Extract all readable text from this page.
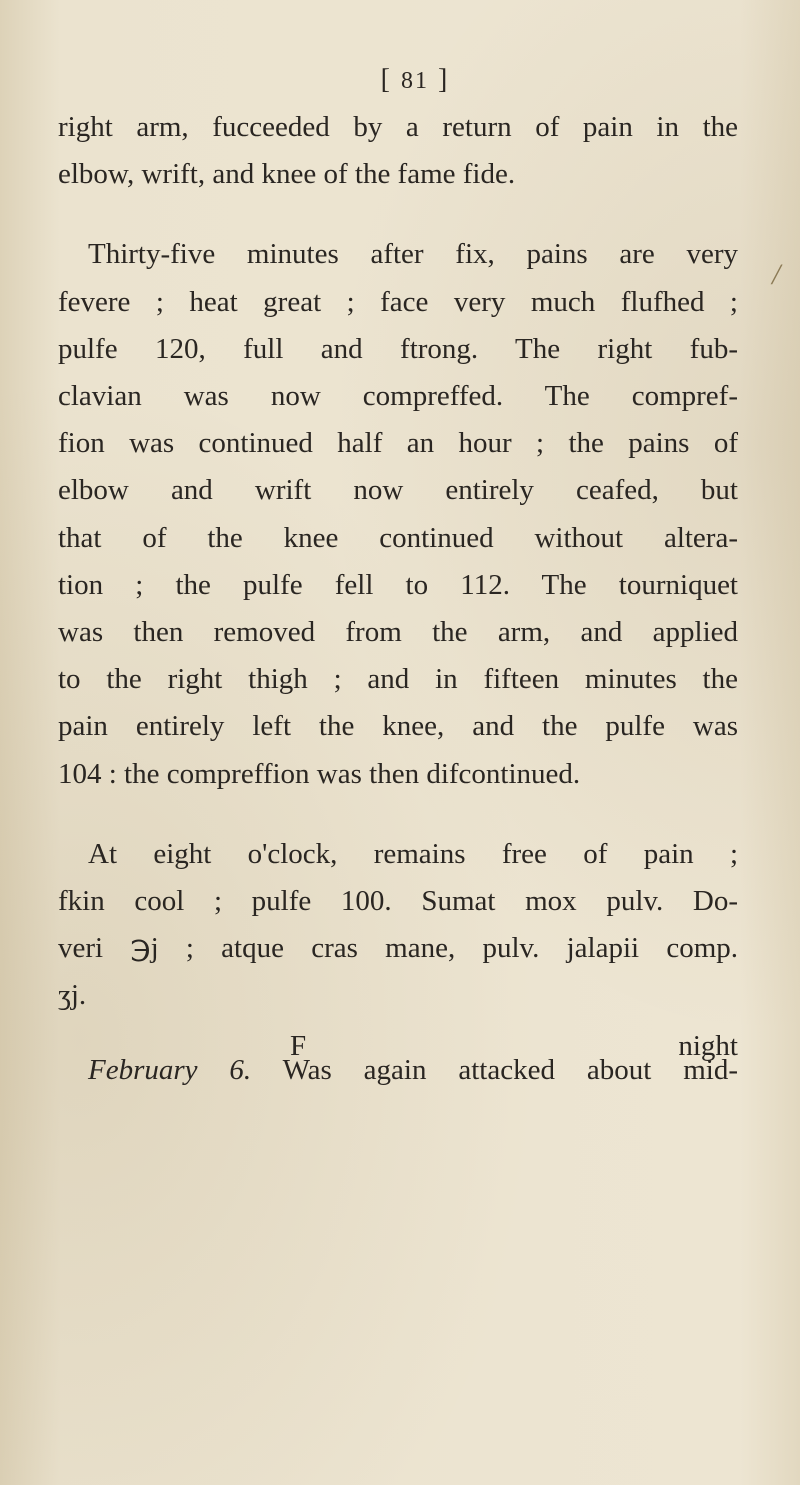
[ 81 ]
/
right arm, fucceeded by a return of pain in the
elbow, wrift, and knee of the fame fide.
Thirty-five minutes after fix, pains are very
fevere ; heat great ; face very much flufhed ;
pulfe 120, full and ftrong. The right fub-
clavian was now compreffed. The compref-
fion was continued half an hour ; the pains of
elbow and wrift now entirely ceafed, but
that of the knee continued without altera-
tion ; the pulfe fell to 112. The tourniquet
was then removed from the arm, and applied
to the right thigh ; and in fifteen minutes the
pain entirely left the knee, and the pulfe was
104 : the compreffion was then difcontinued.
At eight o'clock, remains free of pain ;
fkin cool ; pulfe 100. Sumat mox pulv. Do-
veri ℈j ; atque cras mane, pulv. jalapii comp.
ʒj.
February 6. Was again attacked about mid-
F	night
